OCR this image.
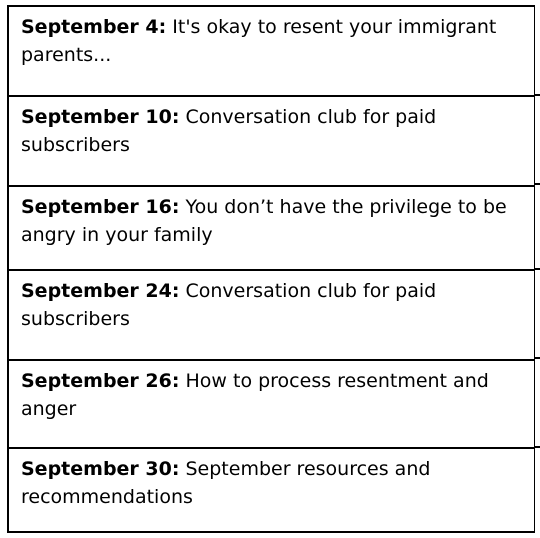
September 4: It's okay to resent your immigrant parents...
September 10: Conversation club for paid subscribers
September 16: You don’t have the privilege to be angry in your family
September 24: Conversation club for paid subscribers
September 26: How to process resentment and anger
September 30: September resources and recommendations
